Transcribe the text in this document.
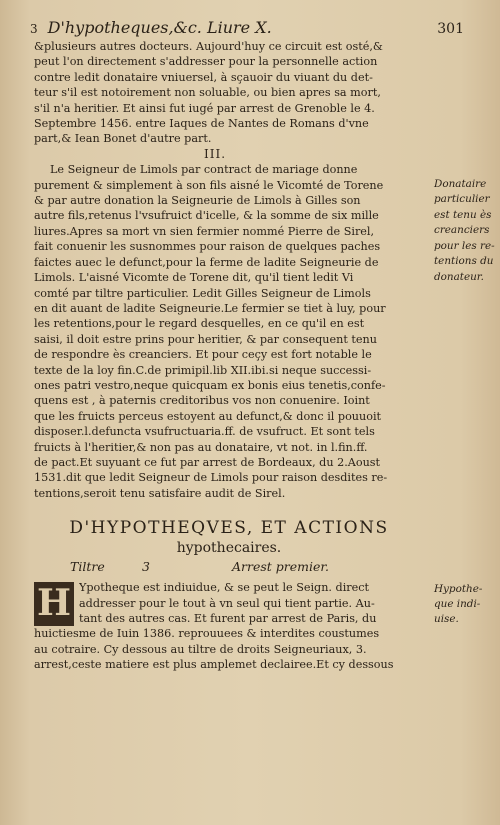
3 D'hypotheques,&c. Liure X.	301
&plusieurs autres docteurs. Aujourd'huy ce circuit est osté,&
peut l'on directement s'addresser pour la personnelle action
contre ledit donataire vniuersel, à sçauoir du viuant du det-
teur s'il est notoirement non soluable, ou bien apres sa mort,
s'il n'a heritier. Et ainsi fut iugé par arrest de Grenoble le 4.
Septembre 1456. entre Iaques de Nantes de Romans d'vne
part,& Iean Bonet d'autre part.
III.
Le Seigneur de Limols par contract de mariage donne
purement & simplement à son fils aisné le Vicomté de Torene
& par autre donation la Seigneurie de Limols à Gilles son
autre fils,retenus l'vsufruict d'icelle, & la somme de six mille
liures.Apres sa mort vn sien fermier nommé Pierre de Sirel,
fait conuenir les susnommes pour raison de quelques paches
faictes auec le defunct,pour la ferme de ladite Seigneurie de
Limols. L'aisné Vicomte de Torene dit, qu'il tient ledit Vi
comté par tiltre particulier. Ledit Gilles Seigneur de Limols
en dit auant de ladite Seigneurie.Le fermier se tiet à luy, pour
les retentions,pour le regard desquelles, en ce qu'il en est
saisi, il doit estre prins pour heritier, & par consequent tenu
de respondre ès creanciers. Et pour ceçy est fort notable le
texte de la loy fin.C.de primipil.lib XII.ibi.si neque successi-
ones patri vestro,neque quicquam ex bonis eius tenetis,confe-
quens est , à paternis creditoribus vos non conuenire. Ioint
que les fruicts perceus estoyent au defunct,& donc il pouuoit
disposer.l.defuncta vsufructuaria.ff. de vsufruct. Et sont tels
fruicts à l'heritier,& non pas au donataire, vt not. in l.fin.ff.
de pact.Et suyuant ce fut par arrest de Bordeaux, du 2.Aoust
1531.dit que ledit Seigneur de Limols pour raison desdites re-
tentions,seroit tenu satisfaire audit de Sirel.
Donataire
particulier
est tenu ès
creanciers
pour les re-
tentions du
donateur.
D'HYPOTHEQVES, ET ACTIONS
hypothecaires.
Tiltre	3	Arrest premier.
H Ypotheque est indiuidue, & se peut le Seign. direct
addresser pour le tout à vn seul qui tient partie. Au-
tant des autres cas. Et furent par arrest de Paris, du
huictiesme de Iuin 1386. reprouuees & interdites coustumes
au cotraire. Cy dessous au tiltre de droits Seigneuriaux, 3.
arrest,ceste matiere est plus amplemet declairee.Et cy dessous
Hypothe-
que indi-
uise.
